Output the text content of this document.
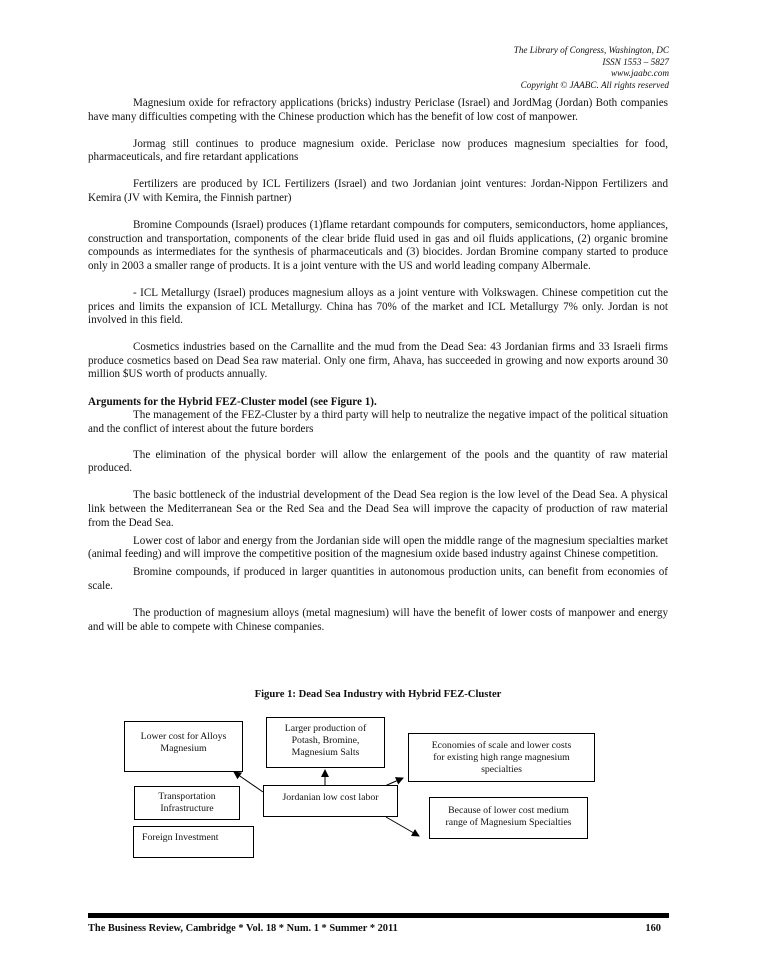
The Library of Congress, Washington, DC
ISSN 1553 – 5827
www.jaabc.com
Copyright © JAABC. All rights reserved

Magnesium oxide for refractory applications (bricks) industry Periclase (Israel) and JordMag (Jordan) Both companies have many difficulties competing with the Chinese production which has the benefit of low cost of manpower.

Jormag still continues to produce magnesium oxide. Periclase now produces magnesium specialties for food, pharmaceuticals, and fire retardant applications

Fertilizers are produced by ICL Fertilizers (Israel) and two Jordanian joint ventures: Jordan-Nippon Fertilizers and Kemira (JV with Kemira, the Finnish partner)

Bromine Compounds (Israel) produces (1)flame retardant compounds for computers, semiconductors, home appliances, construction and transportation, components of the clear bride fluid used in gas and oil fluids applications, (2) organic bromine compounds as intermediates for the synthesis of pharmaceuticals and (3) biocides. Jordan Bromine company started to produce only in 2003 a smaller range of products. It is a joint venture with the US and world leading company Albermale.

- ICL Metallurgy (Israel) produces magnesium alloys as a joint venture with Volkswagen. Chinese competition cut the prices and limits the expansion of ICL Metallurgy. China has 70% of the market and ICL Metallurgy 7% only. Jordan is not involved in this field.

Cosmetics industries based on the Carnallite and the mud from the Dead Sea: 43 Jordanian firms and 33 Israeli firms produce cosmetics based on Dead Sea raw material. Only one firm, Ahava, has succeeded in growing and now exports around 30 million $US worth of products annually.

Arguments for the Hybrid FEZ-Cluster model (see Figure 1).

The management of the FEZ-Cluster by a third party will help to neutralize the negative impact of the political situation and the conflict of interest about the future borders

The elimination of the physical border will allow the enlargement of the pools and the quantity of raw material produced.

The basic bottleneck of the industrial development of the Dead Sea region is the low level of the Dead Sea. A physical link between the Mediterranean Sea or the Red Sea and the Dead Sea will improve the capacity of production of raw material from the Dead Sea.

Lower cost of labor and energy from the Jordanian side will open the middle range of the magnesium specialties market (animal feeding) and will improve the competitive position of the magnesium oxide based industry against Chinese competition.

Bromine compounds, if produced in larger quantities in autonomous production units, can benefit from economies of scale.

The production of magnesium alloys (metal magnesium) will have the benefit of lower costs of manpower and energy and will be able to compete with Chinese companies.

Figure 1: Dead Sea Industry with Hybrid FEZ-Cluster
Lower cost for Alloys
Magnesium
Larger production of
Potash, Bromine,
Magnesium Salts
Economies of scale and lower costs
for existing high range magnesium
specialties
Transportation
Infrastructure
Jordanian low cost labor
Because of lower cost medium
range of Magnesium Specialties
Foreign Investment
The Business Review, Cambridge * Vol. 18 * Num. 1 * Summer * 2011	160
